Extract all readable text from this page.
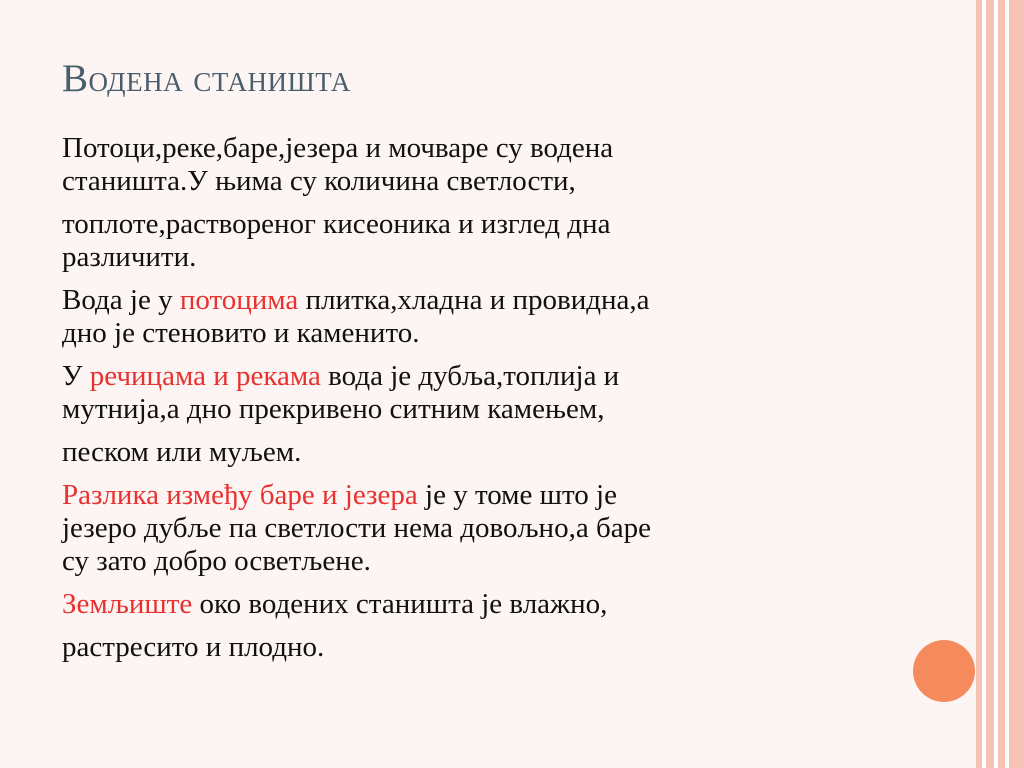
Водена станишта

Потоци,реке,баре,језера и мочваре су водена
станишта.У њима су количина светлости,

топлоте,раствореног кисеоника и изглед дна
различити.

Вода је у потоцима плитка,хладна и провидна,а
дно је стеновито и каменито.

У речицама и рекама вода је дубља,топлија и
мутнија,а дно прекривено ситним камењем,

песком или муљем.

Разлика између баре и језера је у томе што је
језеро дубље па светлости нема довољно,а баре
су зато добро осветљене.

Земљиште око водених станишта је влажно,

растресито и плодно.
